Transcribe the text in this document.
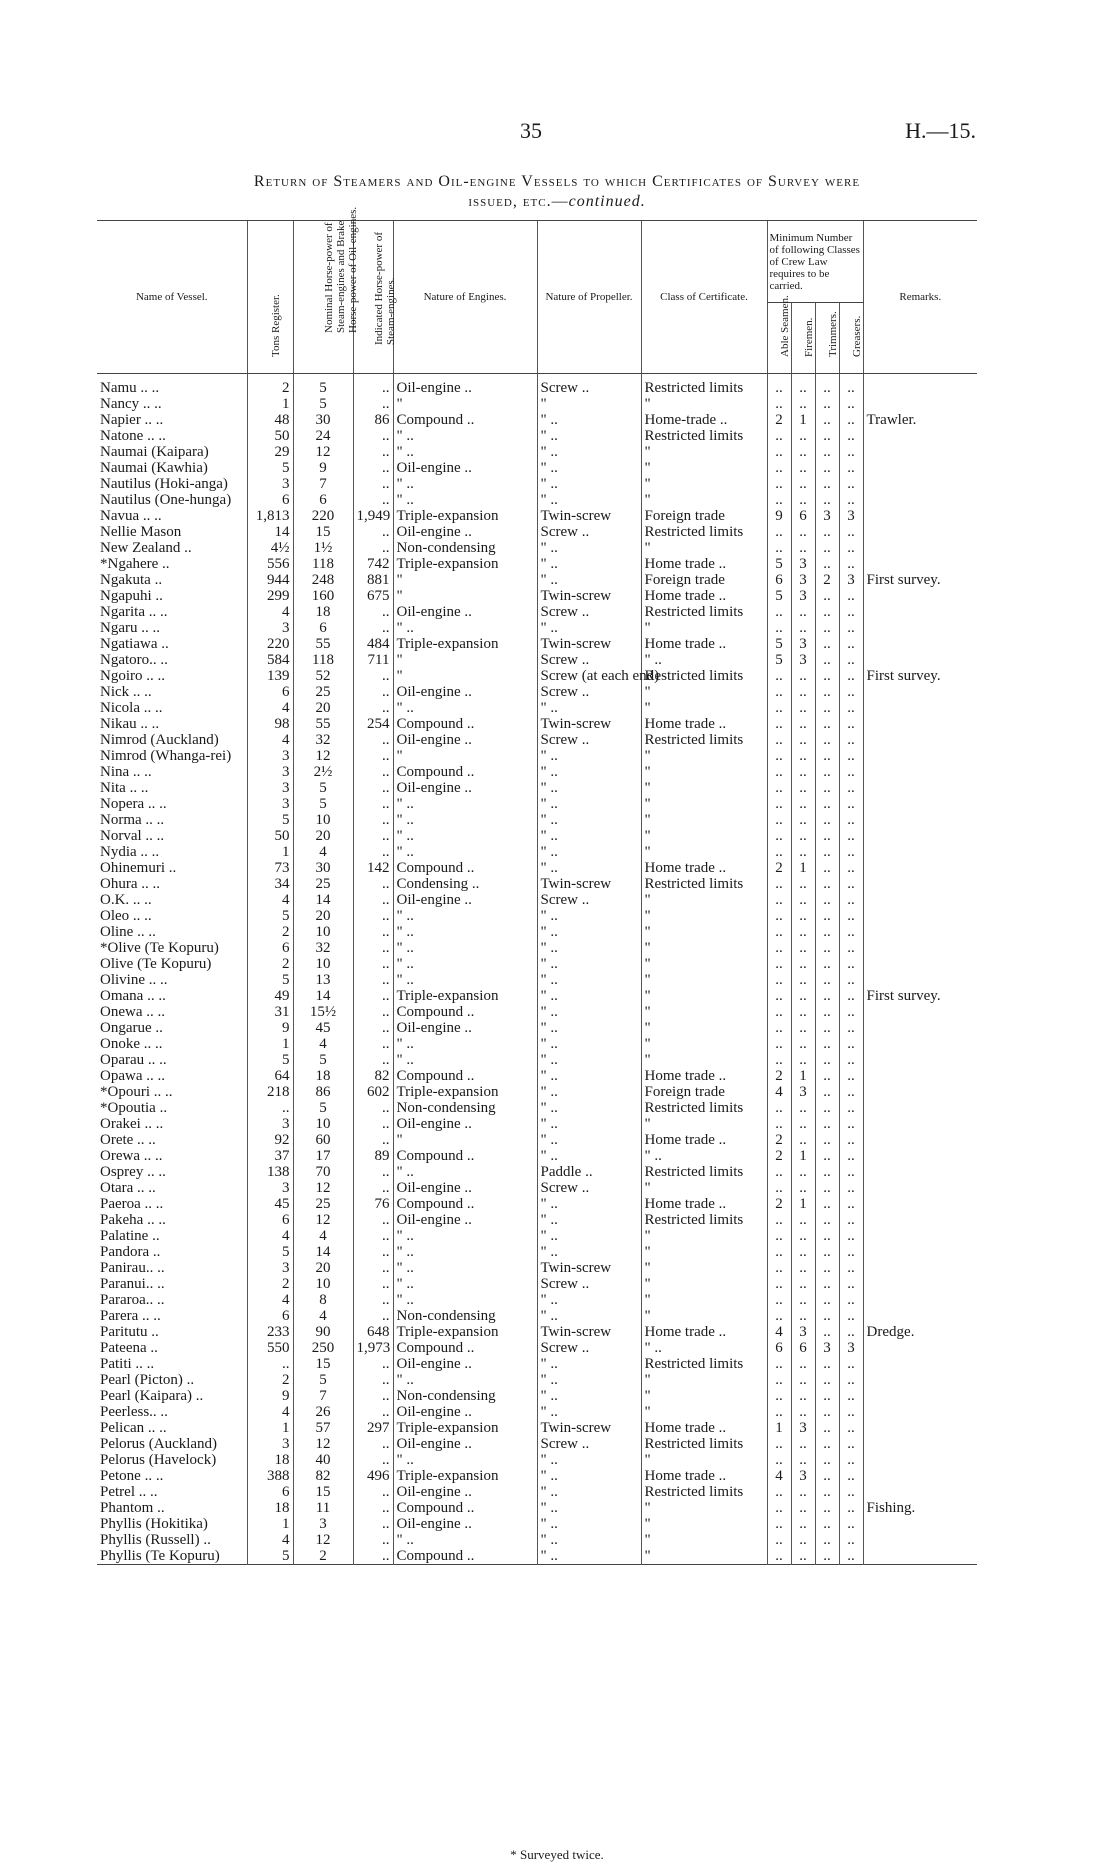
35	H.—15.
Return of Steamers and Oil-engine Vessels to which Certificates of Survey were
issued, etc.—continued.
Name of Vessel.	Tons Register.	Nominal Horse-power of Steam-engines and Brake Horse-power of Oil-engines.	Indicated Horse-power of Steam-engines.	Nature of Engines.	Nature of Propeller.	Class of Certificate.	Minimum Number of following Classes of Crew Law requires to be carried.				Remarks.

							Able Seamen.	Firemen.	Trimmers.	Greasers.	

Namu .. ..	2	5	..	Oil-engine ..	Screw ..	Restricted limits	..	..	..	..	
Nancy .. ..	1	5	..	"	"	"	..	..	..	..	
Napier .. ..	48	30	86	Compound ..	" ..	Home-trade ..	2	1	..	..	Trawler.
Natone .. ..	50	24	..	" ..	" ..	Restricted limits	..	..	..	..	
Naumai (Kaipara)	29	12	..	" ..	" ..	"	..	..	..	..	
Naumai (Kawhia)	5	9	..	Oil-engine ..	" ..	"	..	..	..	..	
Nautilus (Hoki-anga)	3	7	..	" ..	" ..	"	..	..	..	..	
Nautilus (One-hunga)	6	6	..	" ..	" ..	"	..	..	..	..	
Navua .. ..	1,813	220	1,949	Triple-expansion	Twin-screw	Foreign trade	9	6	3	3	
Nellie Mason	14	15	..	Oil-engine ..	Screw ..	Restricted limits	..	..	..	..	
New Zealand ..	4½	1½	..	Non-condensing	" ..	"	..	..	..	..	
*Ngahere ..	556	118	742	Triple-expansion	" ..	Home trade ..	5	3	..	..	
Ngakuta ..	944	248	881	"	" ..	Foreign trade	6	3	2	3	First survey.
Ngapuhi ..	299	160	675	"	Twin-screw	Home trade ..	5	3	..	..	
Ngarita .. ..	4	18	..	Oil-engine ..	Screw ..	Restricted limits	..	..	..	..	
Ngaru .. ..	3	6	..	" ..	" ..	"	..	..	..	..	
Ngatiawa ..	220	55	484	Triple-expansion	Twin-screw	Home trade ..	5	3	..	..	
Ngatoro.. ..	584	118	711	"	Screw ..	" ..	5	3	..	..	
Ngoiro .. ..	139	52	..	"	Screw (at each end)	Restricted limits	..	..	..	..	First survey.
Nick .. ..	6	25	..	Oil-engine ..	Screw ..	"	..	..	..	..	
Nicola .. ..	4	20	..	" ..	" ..	"	..	..	..	..	
Nikau .. ..	98	55	254	Compound ..	Twin-screw	Home trade ..	..	..	..	..	
Nimrod (Auckland)	4	32	..	Oil-engine ..	Screw ..	Restricted limits	..	..	..	..	
Nimrod (Whanga-rei)	3	12	..	"	" ..	"	..	..	..	..	
Nina .. ..	3	2½	..	Compound ..	" ..	"	..	..	..	..	
Nita .. ..	3	5	..	Oil-engine ..	" ..	"	..	..	..	..	
Nopera .. ..	3	5	..	" ..	" ..	"	..	..	..	..	
Norma .. ..	5	10	..	" ..	" ..	"	..	..	..	..	
Norval .. ..	50	20	..	" ..	" ..	"	..	..	..	..	
Nydia .. ..	1	4	..	" ..	" ..	"	..	..	..	..	
Ohinemuri ..	73	30	142	Compound ..	" ..	Home trade ..	2	1	..	..	
Ohura .. ..	34	25	..	Condensing ..	Twin-screw	Restricted limits	..	..	..	..	
O.K. .. ..	4	14	..	Oil-engine ..	Screw ..	"	..	..	..	..	
Oleo .. ..	5	20	..	" ..	" ..	"	..	..	..	..	
Oline .. ..	2	10	..	" ..	" ..	"	..	..	..	..	
*Olive (Te Kopuru)	6	32	..	" ..	" ..	"	..	..	..	..	
Olive (Te Kopuru)	2	10	..	" ..	" ..	"	..	..	..	..	
Olivine .. ..	5	13	..	" ..	" ..	"	..	..	..	..	
Omana .. ..	49	14	..	Triple-expansion	" ..	"	..	..	..	..	First survey.
Onewa .. ..	31	15½	..	Compound ..	" ..	"	..	..	..	..	
Ongarue ..	9	45	..	Oil-engine ..	" ..	"	..	..	..	..	
Onoke .. ..	1	4	..	" ..	" ..	"	..	..	..	..	
Oparau .. ..	5	5	..	" ..	" ..	"	..	..	..	..	
Opawa .. ..	64	18	82	Compound ..	" ..	Home trade ..	2	1	..	..	
*Opouri .. ..	218	86	602	Triple-expansion	" ..	Foreign trade	4	3	..	..	
*Opoutia ..	..	5	..	Non-condensing	" ..	Restricted limits	..	..	..	..	
Orakei .. ..	3	10	..	Oil-engine ..	" ..	"	..	..	..	..	
Orete .. ..	92	60	..	"	" ..	Home trade ..	2	..	..	..	
Orewa .. ..	37	17	89	Compound ..	" ..	" ..	2	1	..	..	
Osprey .. ..	138	70	..	" ..	Paddle ..	Restricted limits	..	..	..	..	
Otara .. ..	3	12	..	Oil-engine ..	Screw ..	"	..	..	..	..	
Paeroa .. ..	45	25	76	Compound ..	" ..	Home trade ..	2	1	..	..	
Pakeha .. ..	6	12	..	Oil-engine ..	" ..	Restricted limits	..	..	..	..	
Palatine ..	4	4	..	" ..	" ..	"	..	..	..	..	
Pandora ..	5	14	..	" ..	" ..	"	..	..	..	..	
Panirau.. ..	3	20	..	" ..	Twin-screw	"	..	..	..	..	
Paranui.. ..	2	10	..	" ..	Screw ..	"	..	..	..	..	
Pararoa.. ..	4	8	..	" ..	" ..	"	..	..	..	..	
Parera .. ..	6	4	..	Non-condensing	" ..	"	..	..	..	..	
Paritutu ..	233	90	648	Triple-expansion	Twin-screw	Home trade ..	4	3	..	..	Dredge.
Pateena ..	550	250	1,973	Compound ..	Screw ..	" ..	6	6	3	3	
Patiti .. ..	..	15	..	Oil-engine ..	" ..	Restricted limits	..	..	..	..	
Pearl (Picton) ..	2	5	..	" ..	" ..	"	..	..	..	..	
Pearl (Kaipara) ..	9	7	..	Non-condensing	" ..	"	..	..	..	..	
Peerless.. ..	4	26	..	Oil-engine ..	" ..	"	..	..	..	..	
Pelican .. ..	1	57	297	Triple-expansion	Twin-screw	Home trade ..	1	3	..	..	
Pelorus (Auckland)	3	12	..	Oil-engine ..	Screw ..	Restricted limits	..	..	..	..	
Pelorus (Havelock)	18	40	..	" ..	" ..	"	..	..	..	..	
Petone .. ..	388	82	496	Triple-expansion	" ..	Home trade ..	4	3	..	..	
Petrel .. ..	6	15	..	Oil-engine ..	" ..	Restricted limits	..	..	..	..	
Phantom ..	18	11	..	Compound ..	" ..	"	..	..	..	..	Fishing.
Phyllis (Hokitika)	1	3	..	Oil-engine ..	" ..	"	..	..	..	..	
Phyllis (Russell) ..	4	12	..	" ..	" ..	"	..	..	..	..	
Phyllis (Te Kopuru)	5	2	..	Compound ..	" ..	"	..	..	..	..	
* Surveyed twice.
